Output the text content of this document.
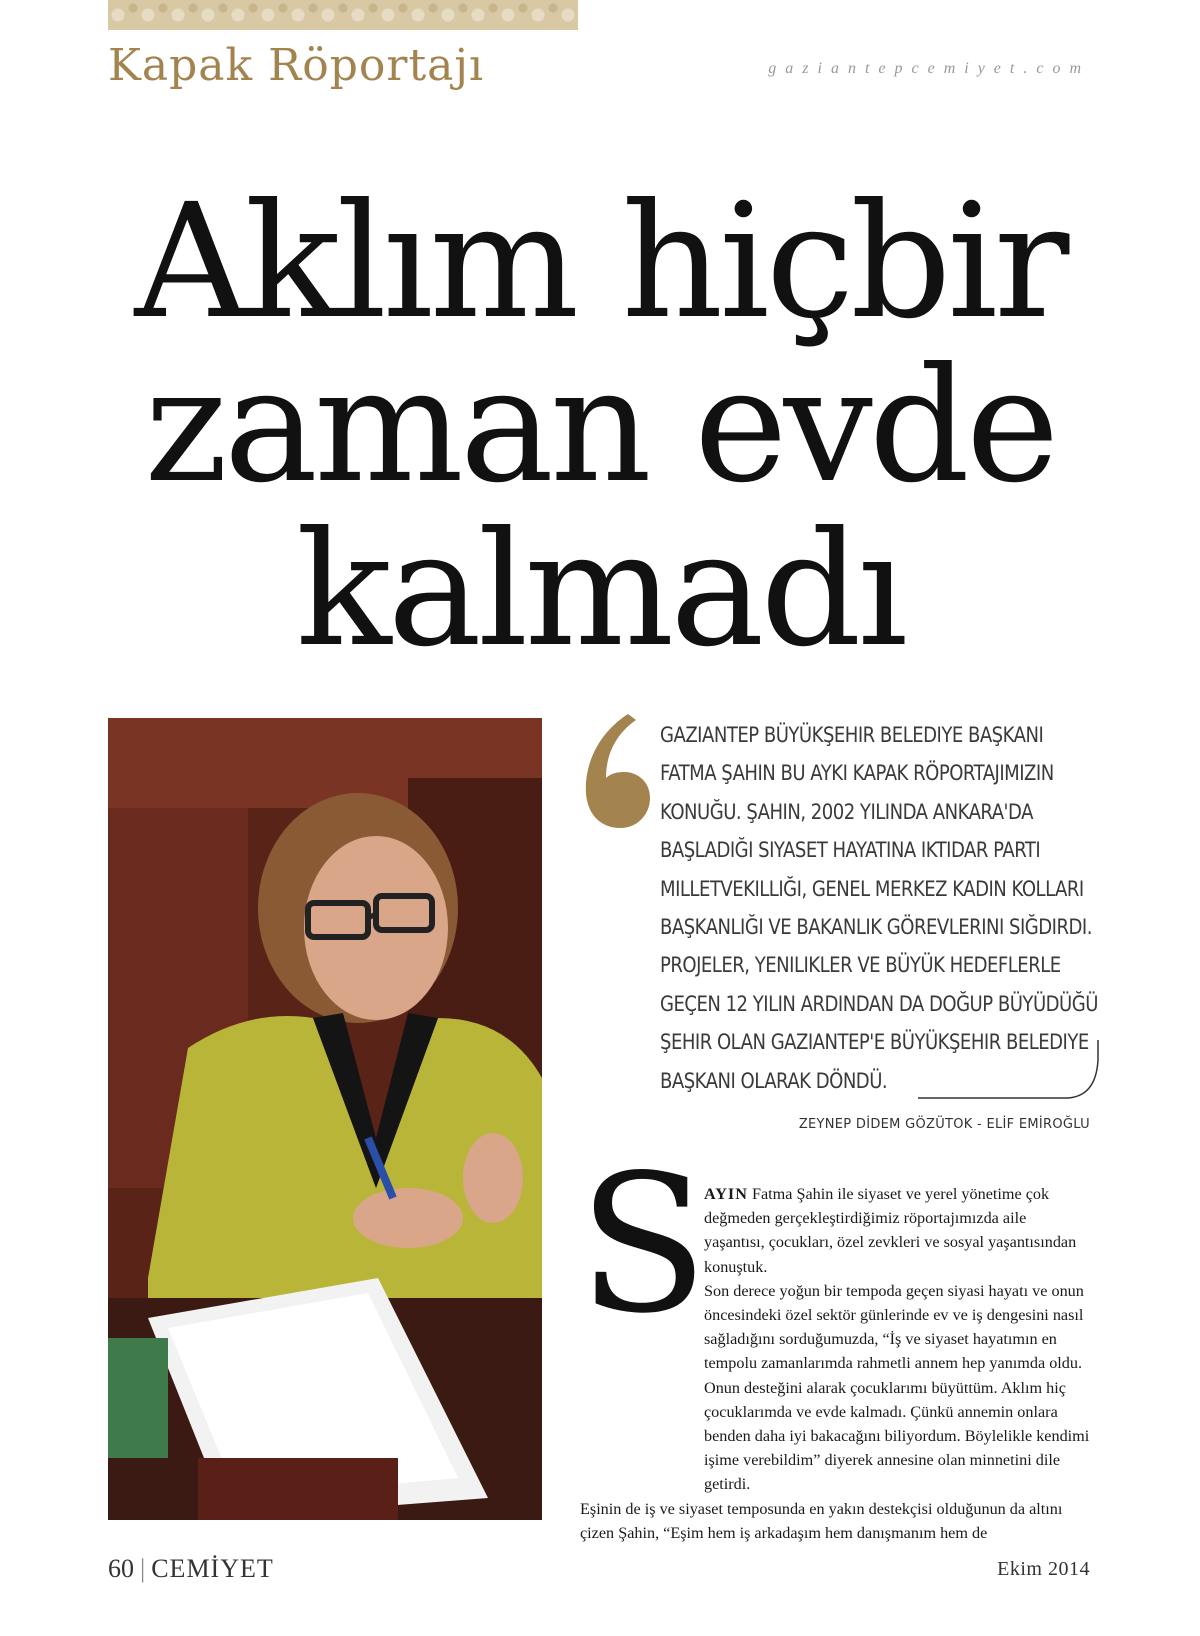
Kapak Röportajı	gaziantepcemiyet.com
Aklım hiçbir
zaman evde
kalmadı
GAZIANTEP BÜYÜKŞEHIR BELEDIYE BAŞKANI FATMA ŞAHIN BU AYKI KAPAK RÖPORTAJIMIZIN KONUĞU. ŞAHIN, 2002 YILINDA ANKARA'DA BAŞLADIĞI SIYASET HAYATINA IKTIDAR PARTI MILLETVEKILLIĞI, GENEL MERKEZ KADIN KOLLARI BAŞKANLIĞI VE BAKANLIK GÖREVLERINI SIĞDIRDI. PROJELER, YENILIKLER VE BÜYÜK HEDEFLERLE GEÇEN 12 YILIN ARDINDAN DA DOĞUP BÜYÜDÜĞÜ ŞEHIR OLAN GAZIANTEP'E BÜYÜKŞEHIR BELEDIYE BAŞKANI OLARAK DÖNDÜ.
ZEYNEP DİDEM GÖZÜTOK - ELİF EMİROĞLU
S

AYIN Fatma Şahin ile siyaset ve yerel yönetime çok değmeden gerçekleştirdiğimiz röportajımızda aile yaşantısı, çocukları, özel zevkleri ve sosyal yaşantısından konuştuk.

Son derece yoğun bir tempoda geçen siyasi hayatı ve onun öncesindeki özel sektör günlerinde ev ve iş dengesini nasıl sağladığını sorduğumuzda, “İş ve siyaset hayatımın en tempolu zamanlarımda rahmetli annem hep yanımda oldu. Onun desteğini alarak çocuklarımı büyüttüm. Aklım hiç çocuklarımda ve evde kalmadı. Çünkü annemin onlara benden daha iyi bakacağını biliyordum. Böylelikle kendimi işime verebildim” diyerek annesine olan minnetini dile getirdi.

Eşinin de iş ve siyaset temposunda en yakın destekçisi olduğunun da altını çizen Şahin, “Eşim hem iş arkadaşım hem danışmanım hem de

60 | CEMİYET	Ekim 2014
